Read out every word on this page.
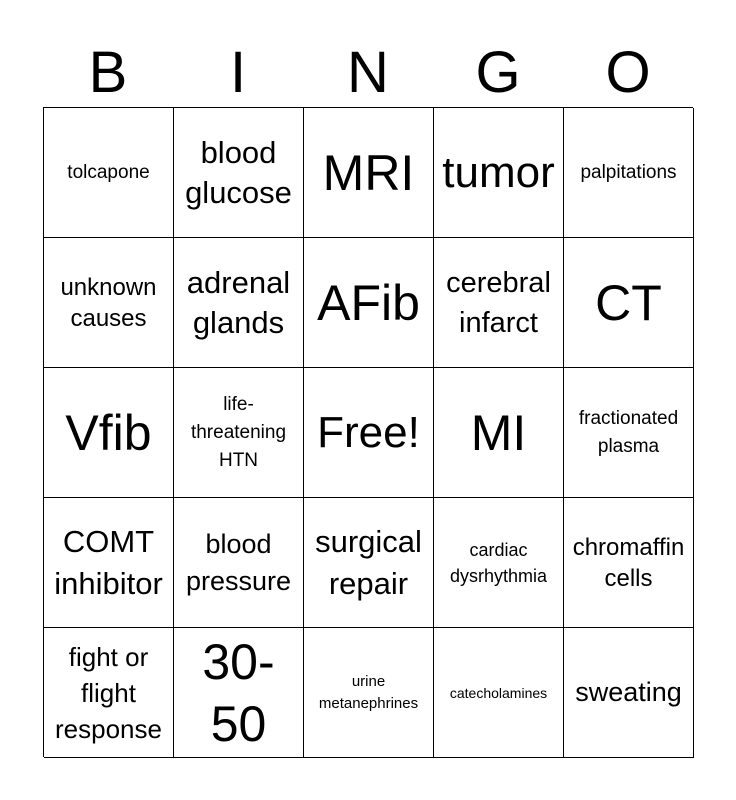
B	I	N	G	O
tolcapone
blood glucose MRI tumor palpitations
unknown causes
adrenal glands AFib cerebral infarct	CT
Vfib
life-threatening HTN
Free! MI	fractionated plasma
COMT inhibitor
blood pressure
surgical repair
cardiac dysrhythmia
chromaffin cells
fight or flight response
30-50
urine metanephrines
catecholamines sweating
